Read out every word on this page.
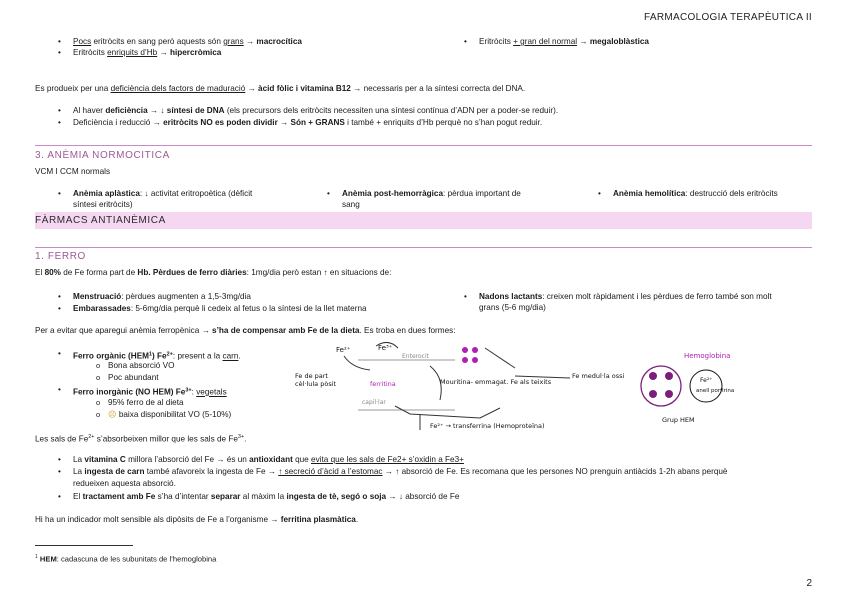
FARMACOLOGIA TERAPÈUTICA II
• Pocs eritròcits en sang però aquests són grans → macrocítica
• Eritròcits enriquits d’Hb → hipercròmica
• Eritròcits + gran del normal → megaloblàstica
Es produeix per una deficiència dels factors de maduració → àcid fòlic i vitamina B12 → necessaris per a la síntesi correcta del DNA.
• Al haver deficiència → ↓ síntesi de DNA (els precursors dels eritròcits necessiten una síntesi contínua d’ADN per a poder-se reduir).
• Deficiència i reducció → eritròcits NO es poden dividir → Són + GRANS i també + enriquits d’Hb perquè no s’han pogut reduir.
3. ANÈMIA NORMOCITICA
VCM I CCM normals
• Anèmia aplàstica: ↓ activitat eritropoètica (dèficit
síntesi eritròcits)
• Anèmia post-hemorràgica: pèrdua important de
sang
• Anèmia hemolítica: destrucció dels eritròcits
FÀRMACS ANTIANÈMICA
1. FERRO
El 80% de Fe forma part de Hb. Pèrdues de ferro diàries: 1mg/dia però estan ↑ en situacions de:
• Menstruació: pèrdues augmenten a 1,5-3mg/dia
• Embarassades: 5-6mg/dia perquè li cedeix al fetus o la síntesi de la llet materna
• Nadons lactants: creixen molt ràpidament i les pèrdues de ferro també son molt
grans (5-6 mg/dia)
Per a evitar que aparegui anèmia ferropènica → s’ha de compensar amb Fe de la dieta. Es troba en dues formes:
• Ferro orgànic (HEM$^1$) $Fe^{2+}$: present a la carn.
o Bona absorció VO
o Poc abundant
• Ferro inorgànic (NO HEM) $Fe^{3+}$: vegetals
o 95% ferro de al dieta
o ☹ baixa disponibilitat VO (5-10%)
Les sals de $Fe^{2+}$ s’absorbeixen millor que les sals de $Fe^{3+}$.
Fe²⁺	Fe³⁺
Fe de part
cèl·lula pòsit
Enterocit
ferritina
capil·lar
Fe²⁺ → transferrina (Hemoproteïna)
Mouritina- emmagat. Fe als teixits
Fe medul·la ossi
Hemoglobina
Fe²⁺
anell porfirina
Grup HEM
• La vitamina C millora l’absorció del Fe → és un antioxidant que evita que les sals de Fe2+ s’oxidin a Fe3+
• La ingesta de carn també afavoreix la ingesta de Fe → ↑ secreció d’àcid a l’estomac → ↑ absorció de Fe. Es recomana que les persones NO prenguin antiàcids 1-2h abans perquè
redueixen aquesta absorció.
• El tractament amb Fe s’ha d’intentar separar al màxim la ingesta de tè, segó o soja → ↓ absorció de Fe
Hi ha un indicador molt sensible als dipòsits de Fe a l’organisme → ferritina plasmàtica.
$^1$ HEM: cadascuna de les subunitats de l’hemoglobina
2
